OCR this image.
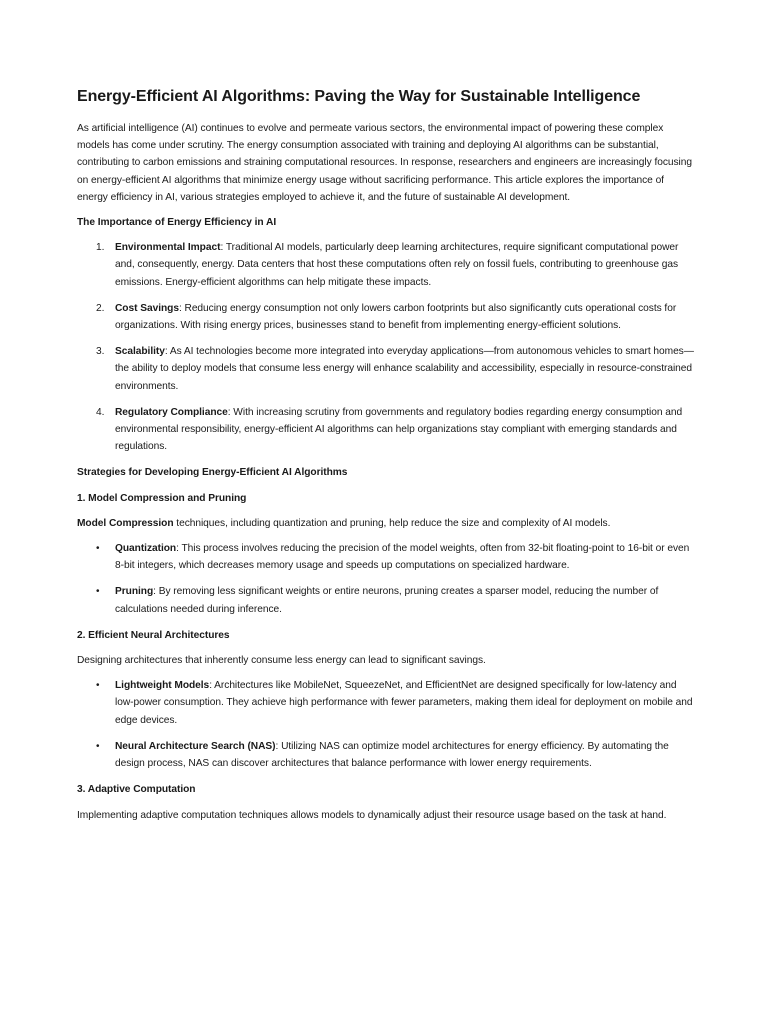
Energy-Efficient AI Algorithms: Paving the Way for Sustainable Intelligence

As artificial intelligence (AI) continues to evolve and permeate various sectors, the environmental impact of powering these complex models has come under scrutiny. The energy consumption associated with training and deploying AI algorithms can be substantial, contributing to carbon emissions and straining computational resources. In response, researchers and engineers are increasingly focusing on energy-efficient AI algorithms that minimize energy usage without sacrificing performance. This article explores the importance of energy efficiency in AI, various strategies employed to achieve it, and the future of sustainable AI development.

The Importance of Energy Efficiency in AI

1. Environmental Impact: Traditional AI models, particularly deep learning architectures, require significant computational power and, consequently, energy. Data centers that host these computations often rely on fossil fuels, contributing to greenhouse gas emissions. Energy-efficient algorithms can help mitigate these impacts.
2. Cost Savings: Reducing energy consumption not only lowers carbon footprints but also significantly cuts operational costs for organizations. With rising energy prices, businesses stand to benefit from implementing energy-efficient solutions.
3. Scalability: As AI technologies become more integrated into everyday applications—from autonomous vehicles to smart homes—the ability to deploy models that consume less energy will enhance scalability and accessibility, especially in resource-constrained environments.
4. Regulatory Compliance: With increasing scrutiny from governments and regulatory bodies regarding energy consumption and environmental responsibility, energy-efficient AI algorithms can help organizations stay compliant with emerging standards and regulations.

Strategies for Developing Energy-Efficient AI Algorithms

1. Model Compression and Pruning

Model Compression techniques, including quantization and pruning, help reduce the size and complexity of AI models.

• Quantization: This process involves reducing the precision of the model weights, often from 32-bit floating-point to 16-bit or even 8-bit integers, which decreases memory usage and speeds up computations on specialized hardware.
• Pruning: By removing less significant weights or entire neurons, pruning creates a sparser model, reducing the number of calculations needed during inference.

2. Efficient Neural Architectures

Designing architectures that inherently consume less energy can lead to significant savings.

• Lightweight Models: Architectures like MobileNet, SqueezeNet, and EfficientNet are designed specifically for low-latency and low-power consumption. They achieve high performance with fewer parameters, making them ideal for deployment on mobile and edge devices.
• Neural Architecture Search (NAS): Utilizing NAS can optimize model architectures for energy efficiency. By automating the design process, NAS can discover architectures that balance performance with lower energy requirements.

3. Adaptive Computation

Implementing adaptive computation techniques allows models to dynamically adjust their resource usage based on the task at hand.
